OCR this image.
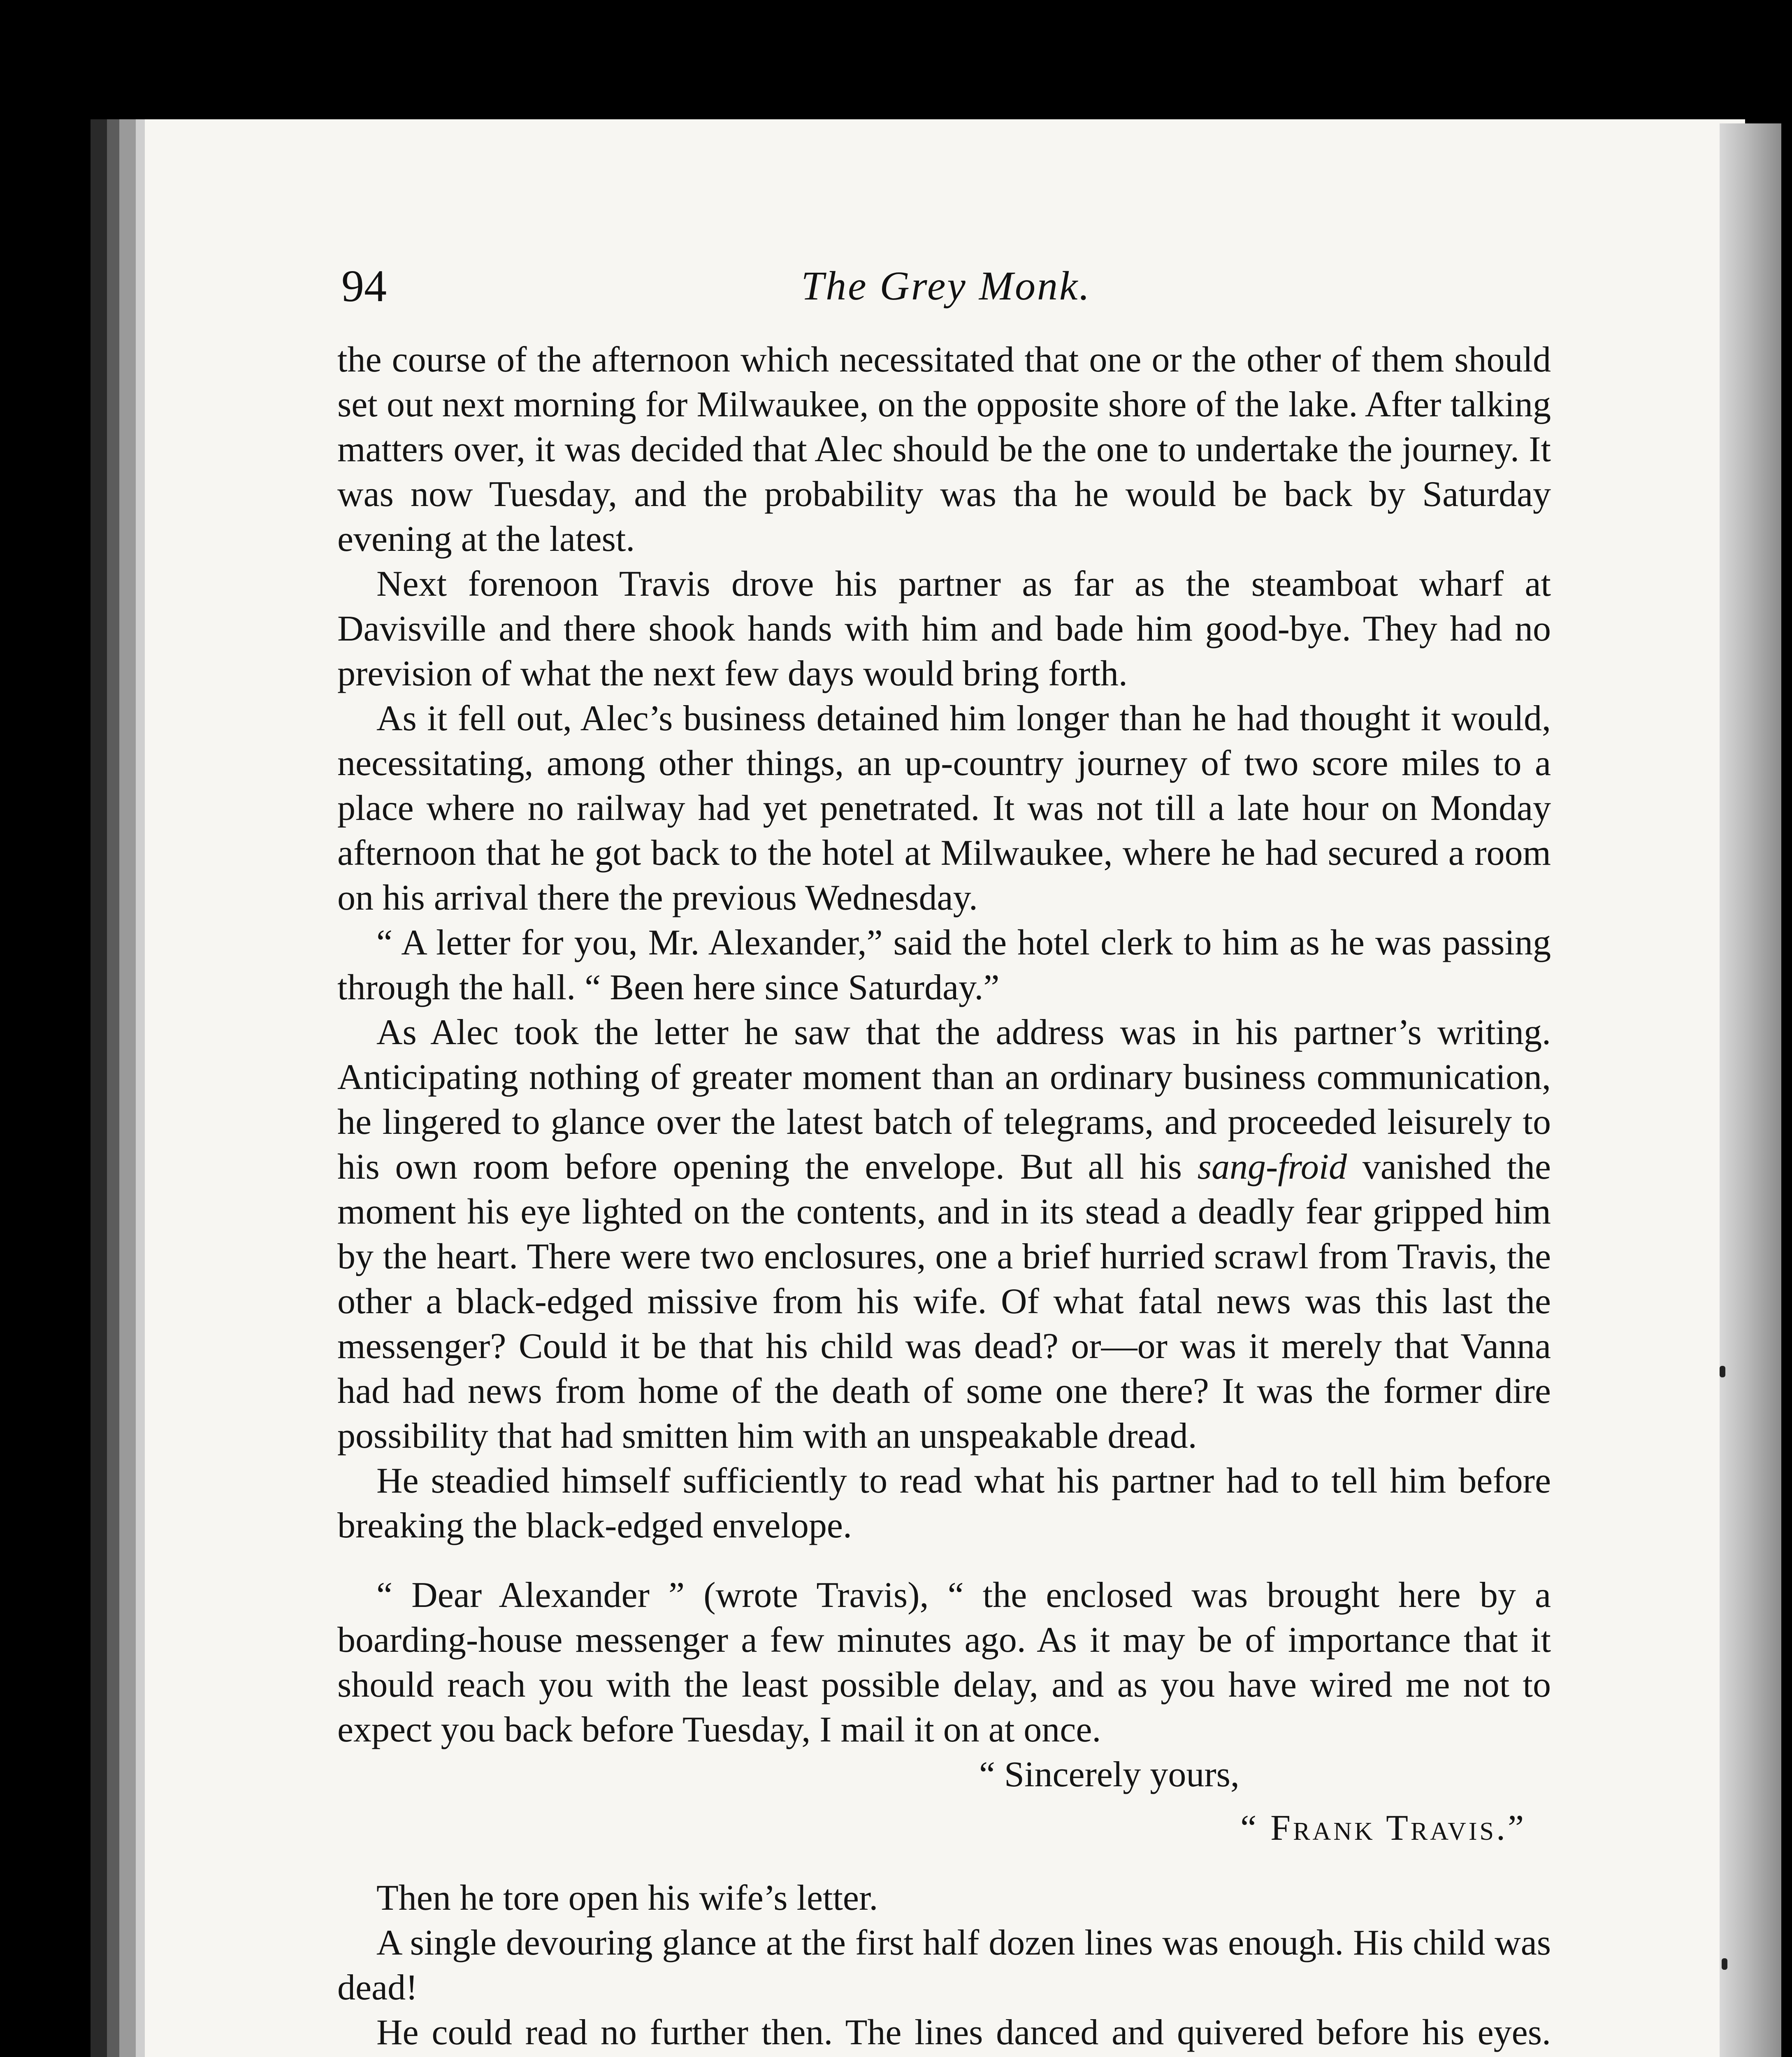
94	The Grey Monk.

the course of the afternoon which necessitated that one or the other of them should set out next morning for Milwaukee, on the opposite shore of the lake. After talking matters over, it was decided that Alec should be the one to undertake the journey. It was now Tuesday, and the probability was tha he would be back by Saturday evening at the latest.

Next forenoon Travis drove his partner as far as the steamboat wharf at Davisville and there shook hands with him and bade him good-bye. They had no prevision of what the next few days would bring forth.

As it fell out, Alec’s business detained him longer than he had thought it would, necessitating, among other things, an up-country journey of two score miles to a place where no railway had yet penetrated. It was not till a late hour on Monday afternoon that he got back to the hotel at Milwaukee, where he had secured a room on his arrival there the previous Wednesday.

“ A letter for you, Mr. Alexander,” said the hotel clerk to him as he was passing through the hall. “ Been here since Saturday.”

As Alec took the letter he saw that the address was in his partner’s writing. Anticipating nothing of greater moment than an ordinary business communication, he lingered to glance over the latest batch of telegrams, and proceeded leisurely to his own room before opening the envelope. But all his sang-froid vanished the moment his eye lighted on the contents, and in its stead a deadly fear gripped him by the heart. There were two enclosures, one a brief hurried scrawl from Travis, the other a black-edged missive from his wife. Of what fatal news was this last the messenger? Could it be that his child was dead? or—or was it merely that Vanna had had news from home of the death of some one there? It was the former dire possibility that had smitten him with an unspeakable dread.

He steadied himself sufficiently to read what his partner had to tell him before breaking the black-edged envelope.

“ Dear Alexander ” (wrote Travis), “ the enclosed was brought here by a boarding-house messenger a few minutes ago. As it may be of importance that it should reach you with the least possible delay, and as you have wired me not to expect you back before Tuesday, I mail it on at once.

“ Sincerely yours,
“ Frank Travis.”

Then he tore open his wife’s letter.

A single devouring glance at the first half dozen lines was enough. His child was dead!

He could read no further then. The lines danced and quivered before his eyes.
